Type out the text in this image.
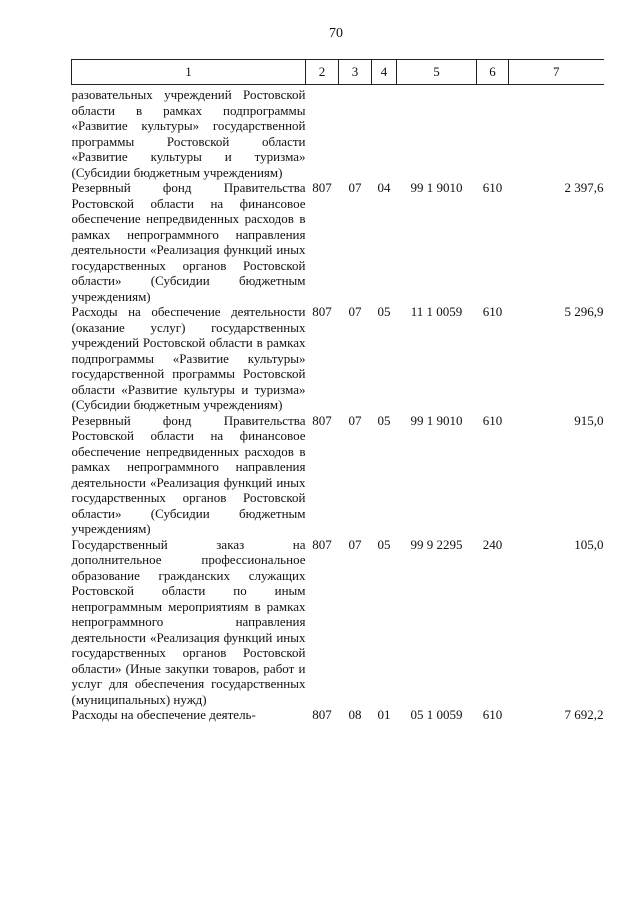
70
1	2	3	4	5	6	7
разовательных учреждений Ростовской области в рамках подпрограммы «Развитие культуры» государственной программы Ростовской области «Развитие культуры и туризма» (Субсидии бюджетным учреждениям)						
Резервный фонд Правительства Ростовской области на финансовое обеспечение непредвиденных расходов в рамках непрограммного направления деятельности «Реализация функций иных государственных органов Ростовской области» (Субсидии бюджетным учреждениям)	807	07	04	99 1 9010	610	2 397,6
Расходы на обеспечение деятельности (оказание услуг) государственных учреждений Ростовской области в рамках подпрограммы «Развитие культуры» государственной программы Ростовской области «Развитие культуры и туризма» (Субсидии бюджетным учреждениям)	807	07	05	11 1 0059	610	5 296,9
Резервный фонд Правительства Ростовской области на финансовое обеспечение непредвиденных расходов в рамках непрограммного направления деятельности «Реализация функций иных государственных органов Ростовской области» (Субсидии бюджетным учреждениям)	807	07	05	99 1 9010	610	915,0
Государственный заказ на дополнительное профессиональное образование гражданских служащих Ростовской области по иным непрограммным мероприятиям в рамках непрограммного направления деятельности «Реализация функций иных государственных органов Ростовской области» (Иные закупки товаров, работ и услуг для обеспечения государственных (муниципальных) нужд)	807	07	05	99 9 2295	240	105,0
Расходы на обеспечение деятель-	807	08	01	05 1 0059	610	7 692,2
